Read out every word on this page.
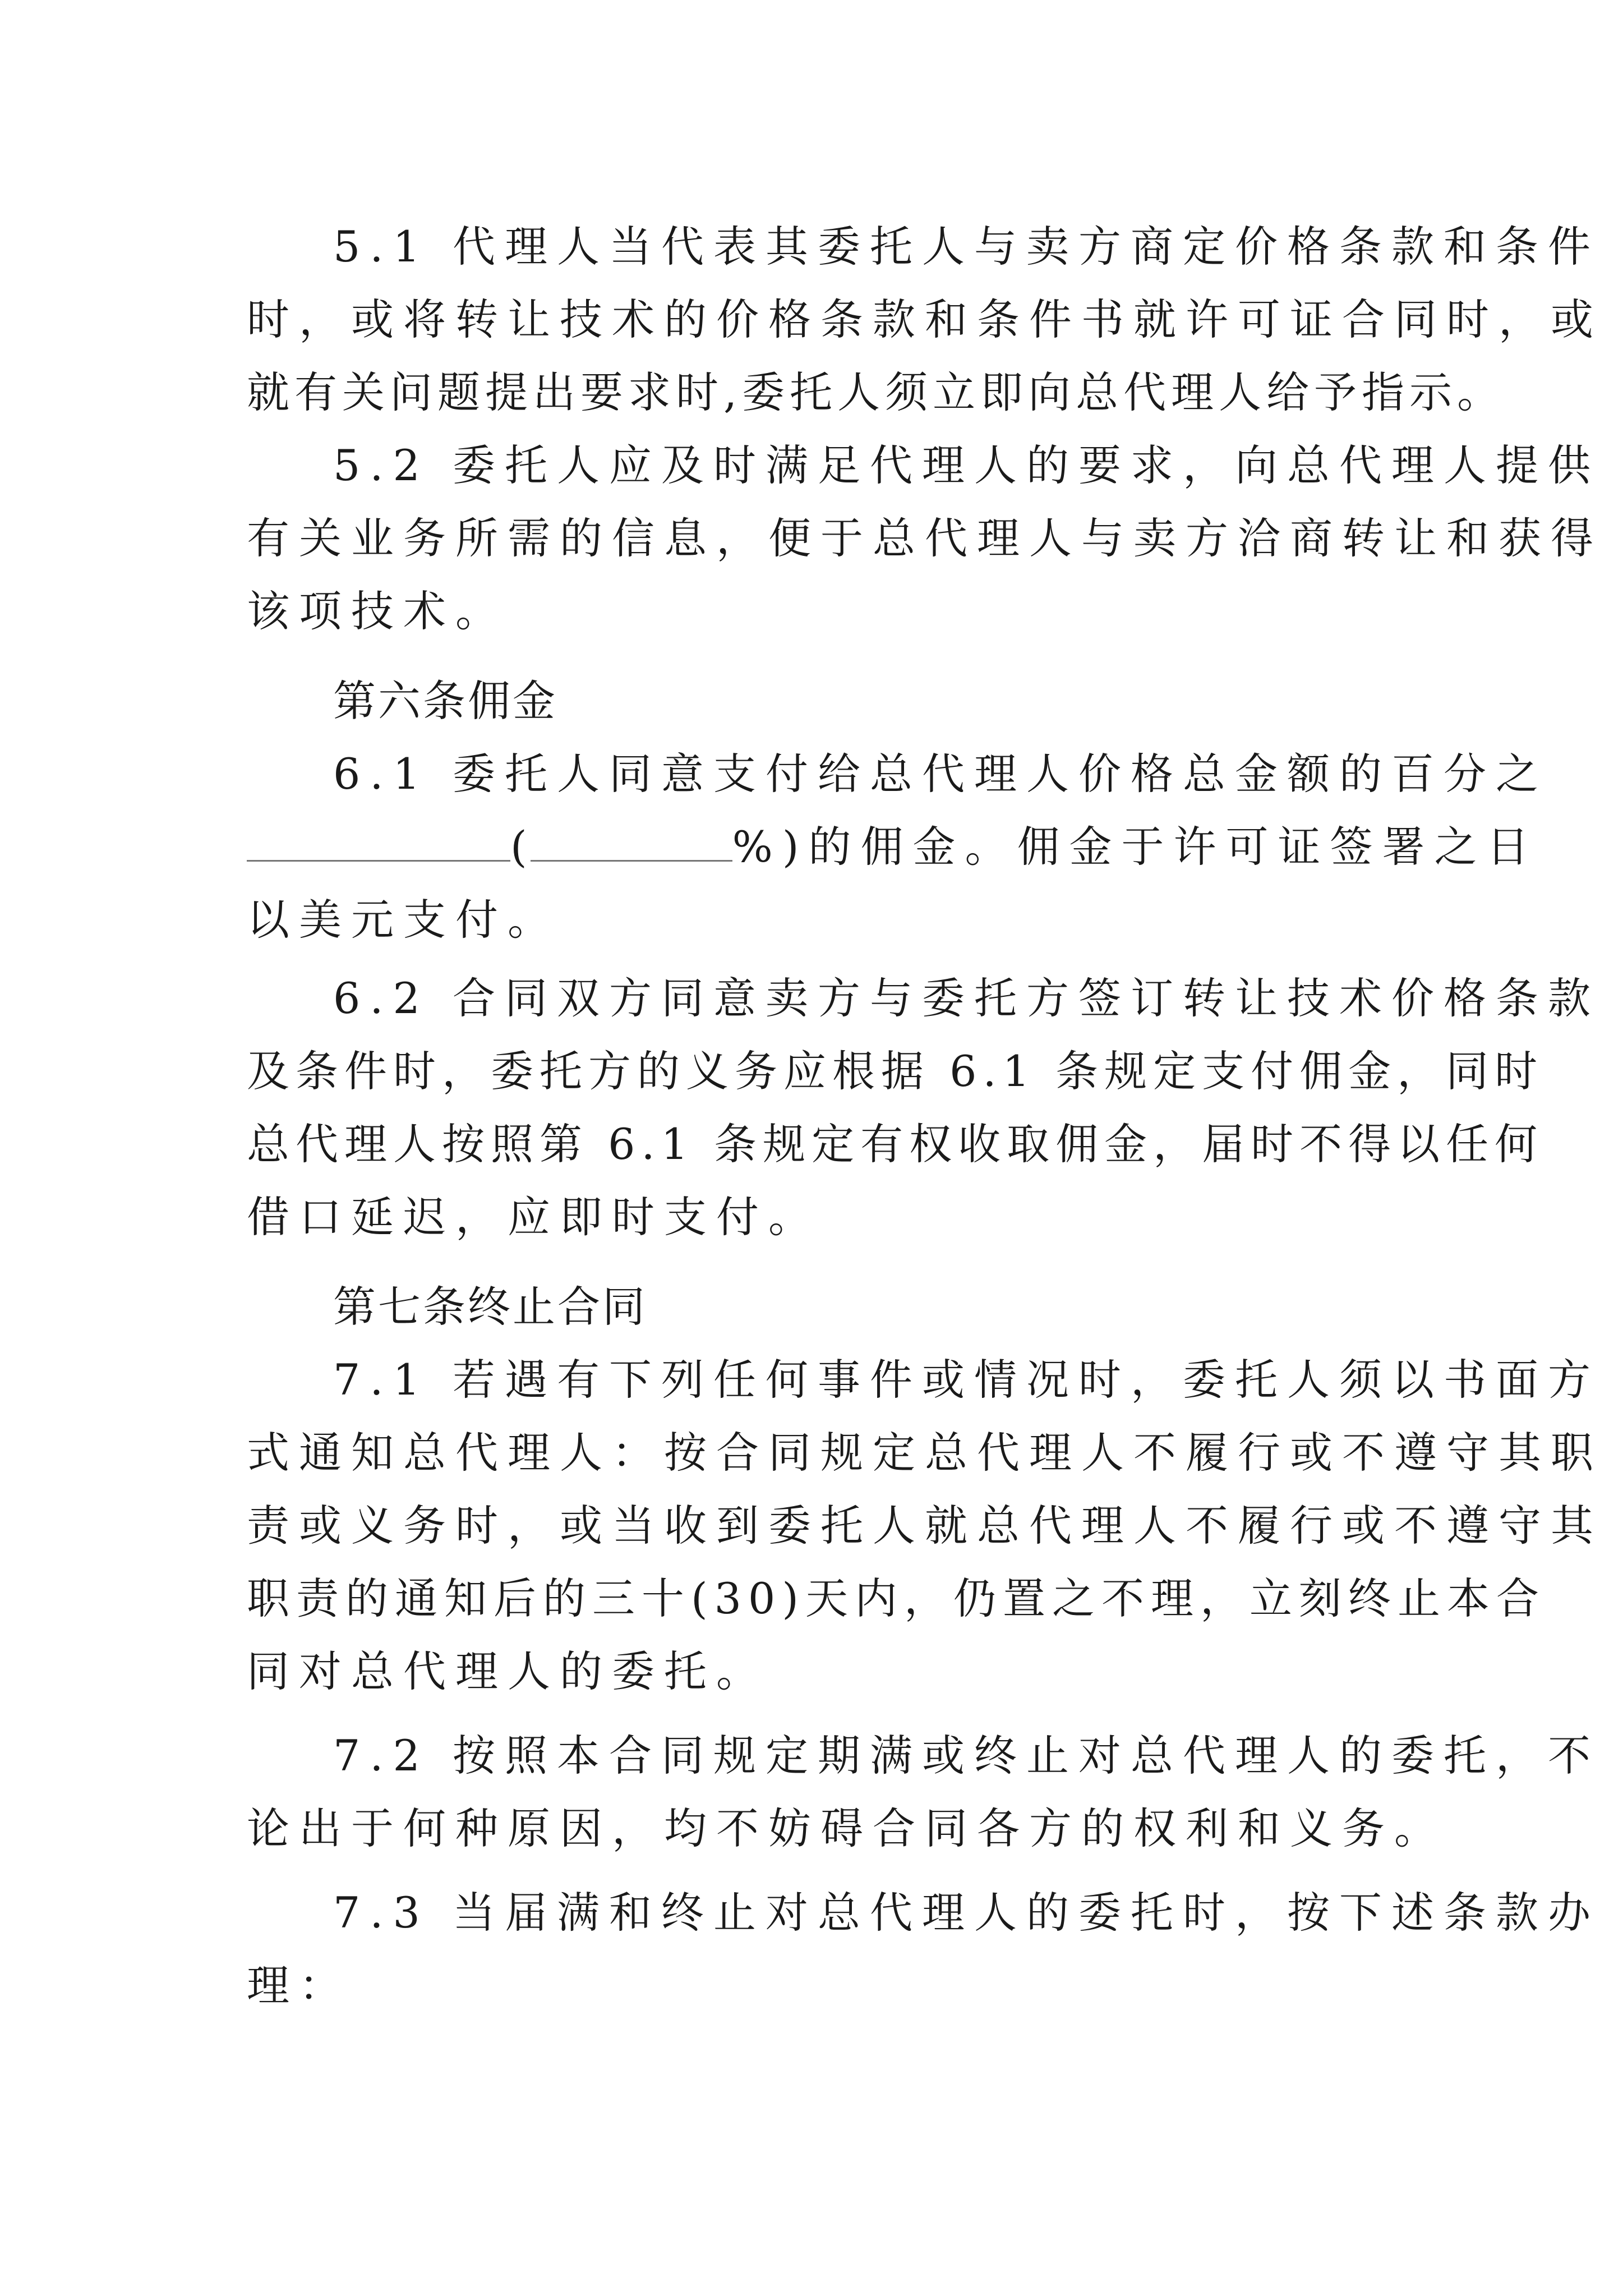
5.1 代理人当代表其委托人与卖方商定价格条款和条件

时，或将转让技术的价格条款和条件书就许可证合同时，或

就有关问题提出要求时,委托人须立即向总代理人给予指示。

5.2 委托人应及时满足代理人的要求，向总代理人提供

有关业务所需的信息，便于总代理人与卖方洽商转让和获得

该项技术。

第六条佣金

6.1 委托人同意支付给总代理人价格总金额的百分之

(	%)的佣金。佣金于许可证签署之日

以美元支付。

6.2 合同双方同意卖方与委托方签订转让技术价格条款

及条件时，委托方的义务应根据 6.1 条规定支付佣金，同时

总代理人按照第 6.1 条规定有权收取佣金，届时不得以任何

借口延迟，应即时支付。

第七条终止合同

7.1 若遇有下列任何事件或情况时，委托人须以书面方

式通知总代理人：按合同规定总代理人不履行或不遵守其职

责或义务时，或当收到委托人就总代理人不履行或不遵守其

职责的通知后的三十(30)天内，仍置之不理，立刻终止本合

同对总代理人的委托。

7.2 按照本合同规定期满或终止对总代理人的委托，不

论出于何种原因，均不妨碍合同各方的权利和义务。

7.3 当届满和终止对总代理人的委托时，按下述条款办

理：
